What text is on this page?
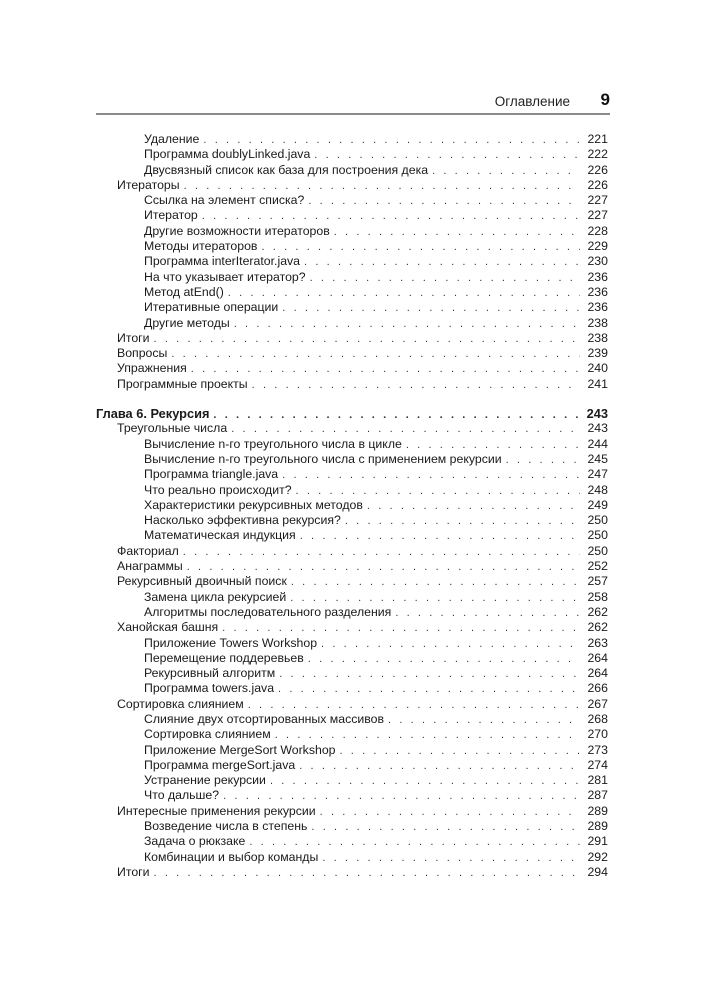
Оглавление 9
Удаление . . .	221
Программа doublyLinked.java . . .	222
Двусвязный список как база для построения дека . . .	226
Итераторы . . .	226
Ссылка на элемент списка? . . .	227
Итератор . . .	227
Другие возможности итераторов . . .	228
Методы итераторов . . .	229
Программа interIterator.java . . .	230
На что указывает итератор? . . .	236
Метод atEnd() . . .	236
Итеративные операции . . .	236
Другие методы . . .	238
Итоги . . .	238
Вопросы . . .	239
Упражнения . . .	240
Программные проекты . . .	241
Глава 6. Рекурсия . . .	243
Треугольные числа . . .	243
Вычисление n-го треугольного числа в цикле . . .	244
Вычисление n-го треугольного числа с применением рекурсии . . .	245
Программа triangle.java . . .	247
Что реально происходит? . . .	248
Характеристики рекурсивных методов . . .	249
Насколько эффективна рекурсия? . . .	250
Математическая индукция . . .	250
Факториал . . .	250
Анаграммы . . .	252
Рекурсивный двоичный поиск . . .	257
Замена цикла рекурсией . . .	258
Алгоритмы последовательного разделения . . .	262
Ханойская башня . . .	262
Приложение Towers Workshop . . .	263
Перемещение поддеревьев . . .	264
Рекурсивный алгоритм . . .	264
Программа towers.java . . .	266
Сортировка слиянием . . .	267
Слияние двух отсортированных массивов . . .	268
Сортировка слиянием . . .	270
Приложение MergeSort Workshop . . .	273
Программа mergeSort.java . . .	274
Устранение рекурсии . . .	281
Что дальше? . . .	287
Интересные применения рекурсии . . .	289
Возведение числа в степень . . .	289
Задача о рюкзаке . . .	291
Комбинации и выбор команды . . .	292
Итоги . . .	294
